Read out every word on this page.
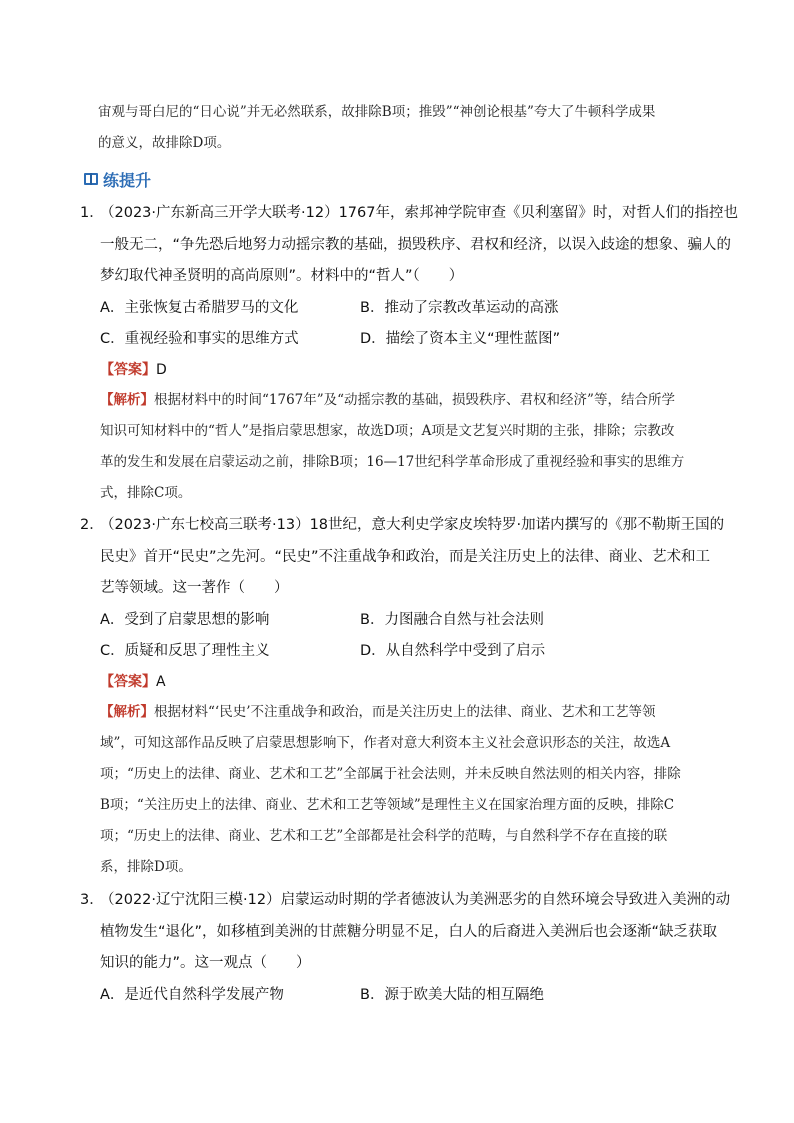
宙观与哥白尼的“日心说”并无必然联系，故排除B项；推毁”“神创论根基”夸大了牛顿科学成果
的意义，故排除D项。
练提升
1．（2023·广东新高三开学大联考·12）1767年，索邦神学院审查《贝利塞留》时，对哲人们的指控也
一般无二，“争先恐后地努力动摇宗教的基础，损毁秩序、君权和经济，以误入歧途的想象、骗人的
梦幻取代神圣贤明的高尚原则”。材料中的“哲人”（　　）
A．主张恢复古希腊罗马的文化	B．推动了宗教改革运动的高涨
C．重视经验和事实的思维方式	D．描绘了资本主义“理性蓝图”
【答案】D
【解析】根据材料中的时间“1767年”及“动摇宗教的基础，损毁秩序、君权和经济”等，结合所学
知识可知材料中的“哲人”是指启蒙思想家，故选D项；A项是文艺复兴时期的主张，排除；宗教改
革的发生和发展在启蒙运动之前，排除B项；16—17世纪科学革命形成了重视经验和事实的思维方
式，排除C项。
2．（2023·广东七校高三联考·13）18世纪，意大利史学家皮埃特罗·加诺内撰写的《那不勒斯王国的
民史》首开“民史”之先河。“民史”不注重战争和政治，而是关注历史上的法律、商业、艺术和工
艺等领域。这一著作（　　）
A．受到了启蒙思想的影响	B．力图融合自然与社会法则
C．质疑和反思了理性主义	D．从自然科学中受到了启示
【答案】A
【解析】根据材料“‘民史’不注重战争和政治，而是关注历史上的法律、商业、艺术和工艺等领
域”，可知这部作品反映了启蒙思想影响下，作者对意大利资本主义社会意识形态的关注，故选A
项；“历史上的法律、商业、艺术和工艺”全部属于社会法则，并未反映自然法则的相关内容，排除
B项；“关注历史上的法律、商业、艺术和工艺等领域”是理性主义在国家治理方面的反映，排除C
项；“历史上的法律、商业、艺术和工艺”全部都是社会科学的范畴，与自然科学不存在直接的联
系，排除D项。
3．（2022·辽宁沈阳三模·12）启蒙运动时期的学者德波认为美洲恶劣的自然环境会导致进入美洲的动
植物发生“退化”，如移植到美洲的甘蔗糖分明显不足，白人的后裔进入美洲后也会逐渐“缺乏获取
知识的能力”。这一观点（　　）
A．是近代自然科学发展产物	B．源于欧美大陆的相互隔绝
